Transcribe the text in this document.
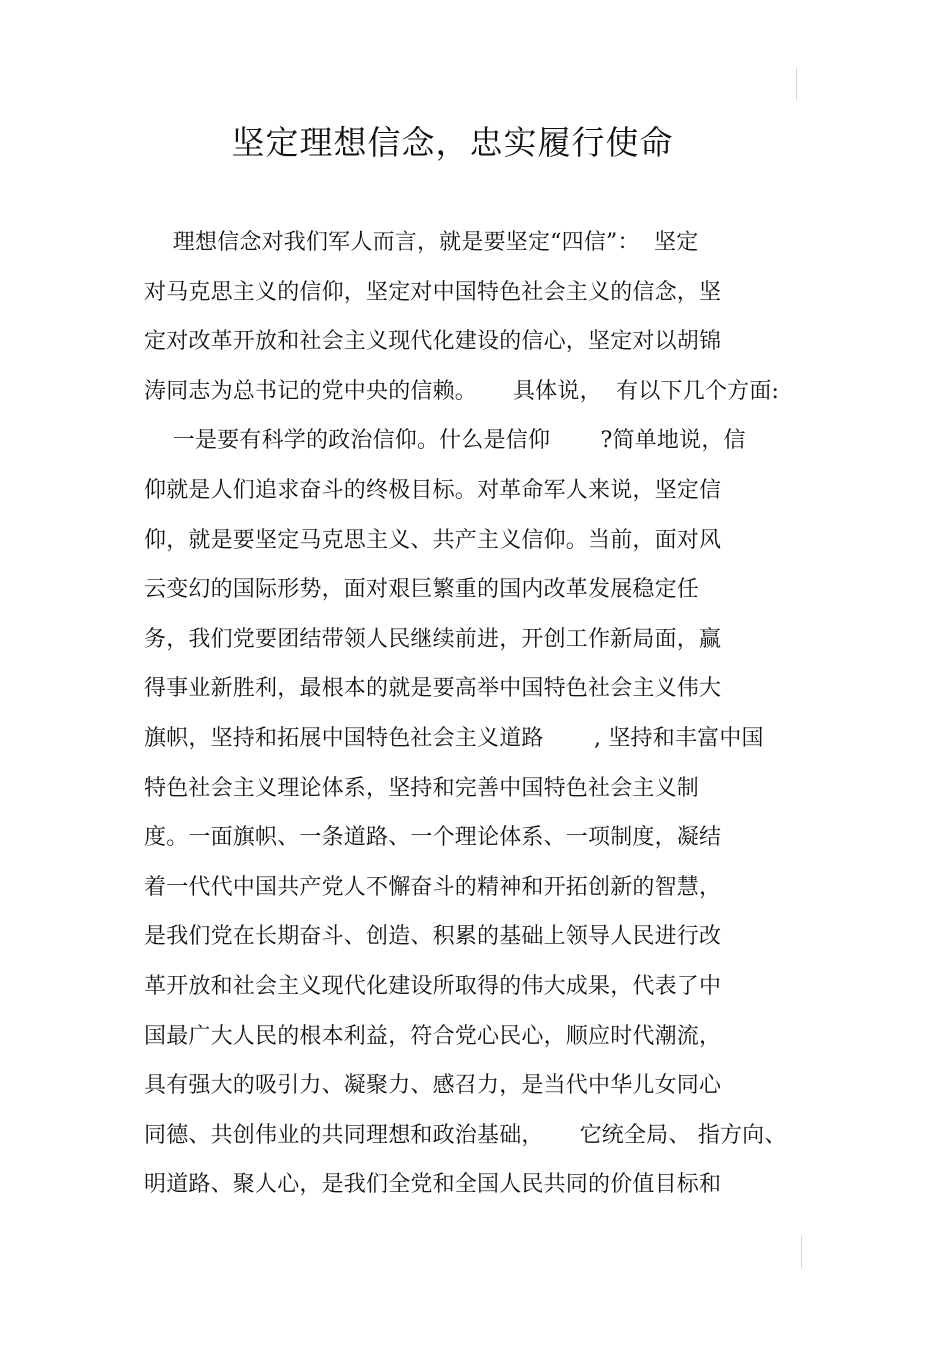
坚定理想信念，忠实履行使命
理想信念对我们军人而言，就是要坚定“四信”：  坚定
对马克思主义的信仰，坚定对中国特色社会主义的信念，坚
定对改革开放和社会主义现代化建设的信心，坚定对以胡锦
涛同志为总书记的党中央的信赖。     具体说，  有以下几个方面:
一是要有科学的政治信仰。什么是信仰       ?简单地说，信
仰就是人们追求奋斗的终极目标。对革命军人来说，坚定信
仰，就是要坚定马克思主义、共产主义信仰。当前，面对风
云变幻的国际形势，面对艰巨繁重的国内改革发展稳定任
务，我们党要团结带领人民继续前进，开创工作新局面，赢
得事业新胜利，最根本的就是要高举中国特色社会主义伟大
旗帜，坚持和拓展中国特色社会主义道路       , 坚持和丰富中国
特色社会主义理论体系，坚持和完善中国特色社会主义制
度。一面旗帜、一条道路、一个理论体系、一项制度，凝结
着一代代中国共产党人不懈奋斗的精神和开拓创新的智慧，
是我们党在长期奋斗、创造、积累的基础上领导人民进行改
革开放和社会主义现代化建设所取得的伟大成果，代表了中
国最广大人民的根本利益，符合党心民心，顺应时代潮流，
具有强大的吸引力、凝聚力、感召力，是当代中华儿女同心
同德、共创伟业的共同理想和政治基础，     它统全局、 指方向、
明道路、聚人心，是我们全党和全国人民共同的价值目标和
